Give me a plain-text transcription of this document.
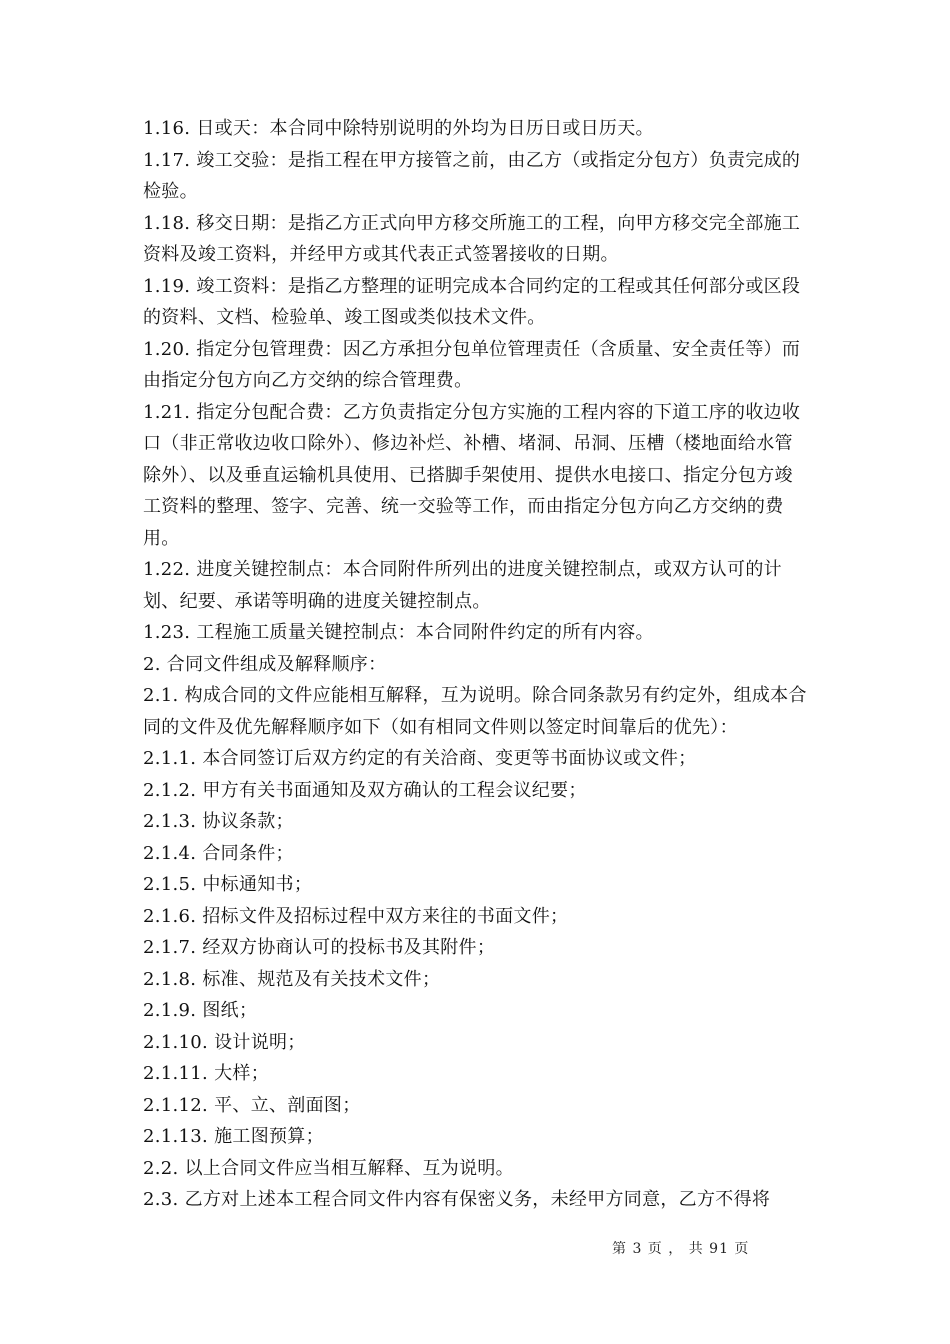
1.16. 日或天：本合同中除特别说明的外均为日历日或日历天。

1.17. 竣工交验：是指工程在甲方接管之前，由乙方（或指定分包方）负责完成的检验。

1.18. 移交日期：是指乙方正式向甲方移交所施工的工程，向甲方移交完全部施工资料及竣工资料，并经甲方或其代表正式签署接收的日期。

1.19. 竣工资料：是指乙方整理的证明完成本合同约定的工程或其任何部分或区段的资料、文档、检验单、竣工图或类似技术文件。

1.20. 指定分包管理费：因乙方承担分包单位管理责任（含质量、安全责任等）而由指定分包方向乙方交纳的综合管理费。

1.21. 指定分包配合费：乙方负责指定分包方实施的工程内容的下道工序的收边收口（非正常收边收口除外）、修边补烂、补槽、堵洞、吊洞、压槽（楼地面给水管除外）、以及垂直运输机具使用、已搭脚手架使用、提供水电接口、指定分包方竣工资料的整理、签字、完善、统一交验等工作，而由指定分包方向乙方交纳的费用。

1.22. 进度关键控制点：本合同附件所列出的进度关键控制点，或双方认可的计划、纪要、承诺等明确的进度关键控制点。

1.23. 工程施工质量关键控制点：本合同附件约定的所有内容。

2. 合同文件组成及解释顺序：

2.1. 构成合同的文件应能相互解释，互为说明。除合同条款另有约定外，组成本合同的文件及优先解释顺序如下（如有相同文件则以签定时间靠后的优先）：

2.1.1. 本合同签订后双方约定的有关洽商、变更等书面协议或文件；

2.1.2. 甲方有关书面通知及双方确认的工程会议纪要；

2.1.3. 协议条款；

2.1.4. 合同条件；

2.1.5. 中标通知书；

2.1.6. 招标文件及招标过程中双方来往的书面文件；

2.1.7. 经双方协商认可的投标书及其附件；

2.1.8. 标准、规范及有关技术文件；

2.1.9. 图纸；

2.1.10. 设计说明；

2.1.11. 大样；

2.1.12. 平、立、剖面图；

2.1.13. 施工图预算；

2.2. 以上合同文件应当相互解释、互为说明。

2.3. 乙方对上述本工程合同文件内容有保密义务，未经甲方同意，乙方不得将

第 3 页 ， 共 91 页
